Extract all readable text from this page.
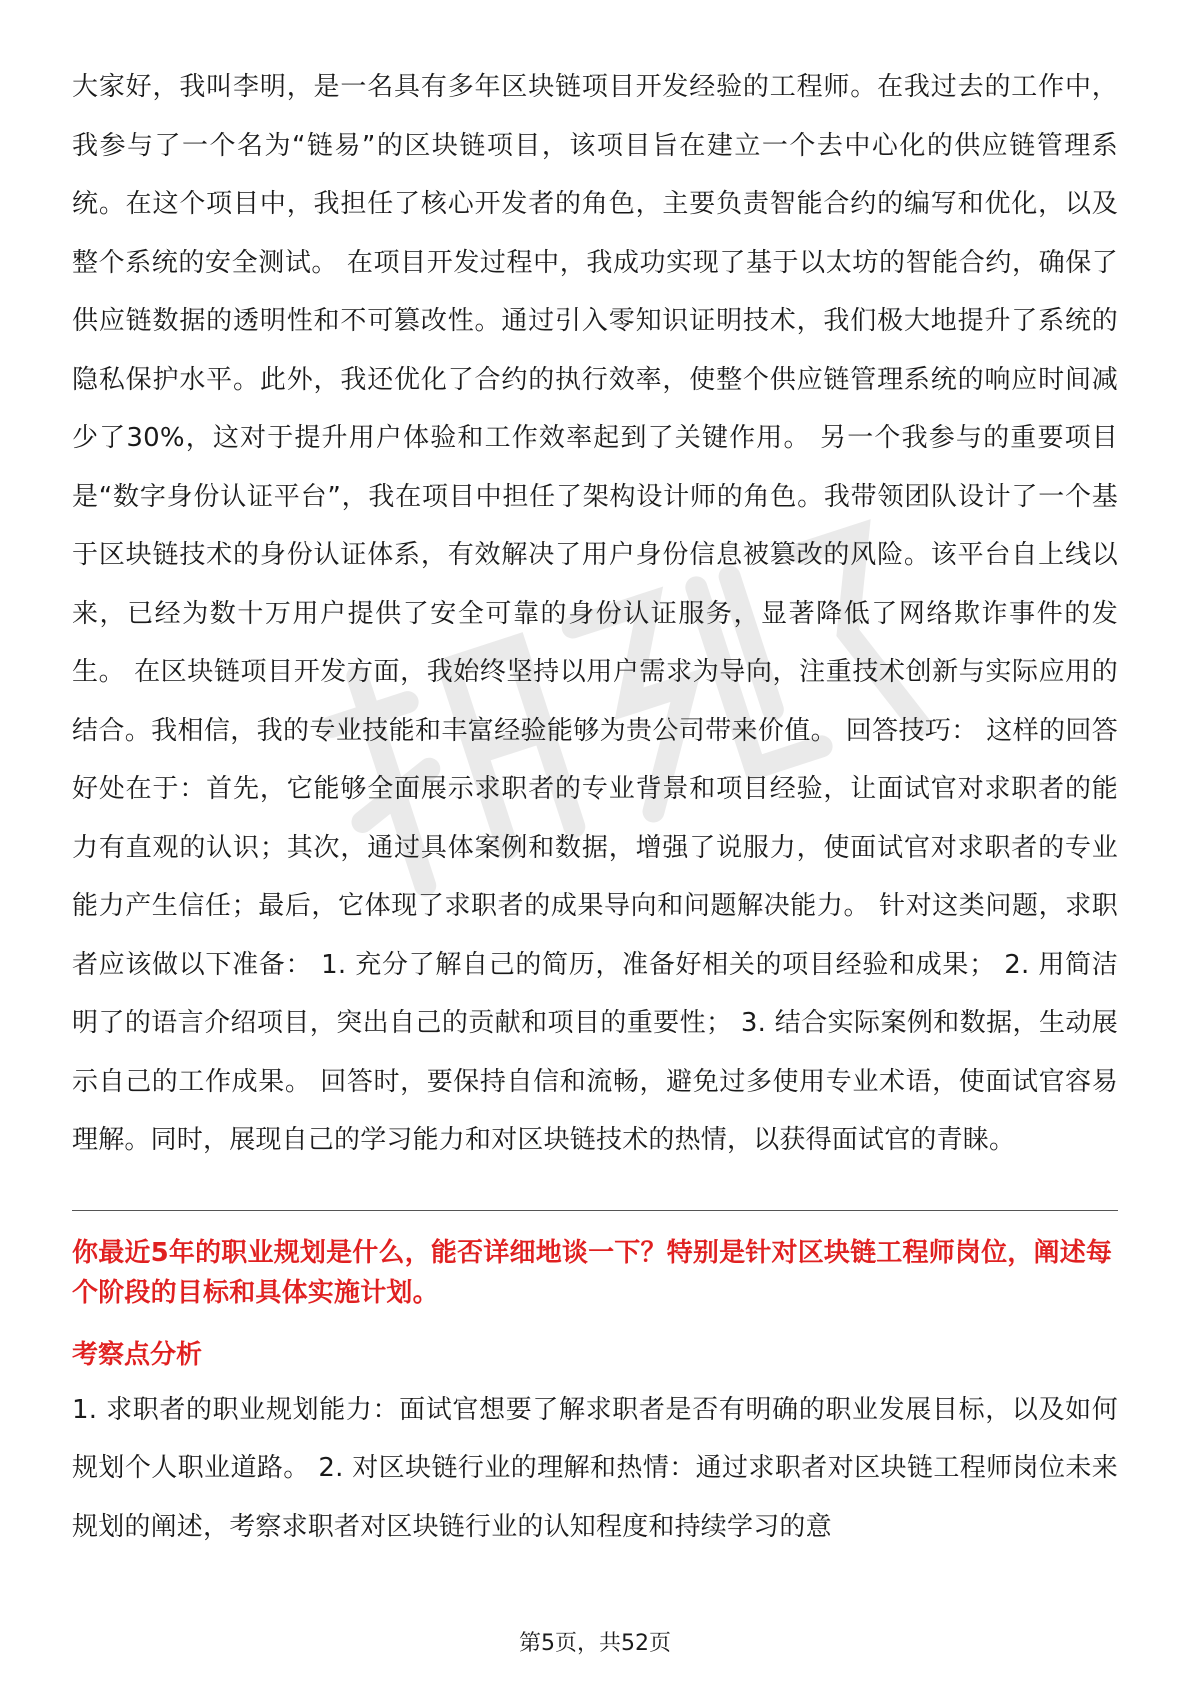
大家好，我叫李明，是一名具有多年区块链项目开发经验的工程师。在我过去的工作中，我参与了一个名为“链易”的区块链项目，该项目旨在建立一个去中心化的供应链管理系统。在这个项目中，我担任了核心开发者的角色，主要负责智能合约的编写和优化，以及整个系统的安全测试。 在项目开发过程中，我成功实现了基于以太坊的智能合约，确保了供应链数据的透明性和不可篡改性。通过引入零知识证明技术，我们极大地提升了系统的隐私保护水平。此外，我还优化了合约的执行效率，使整个供应链管理系统的响应时间减少了30%，这对于提升用户体验和工作效率起到了关键作用。 另一个我参与的重要项目是“数字身份认证平台”，我在项目中担任了架构设计师的角色。我带领团队设计了一个基于区块链技术的身份认证体系，有效解决了用户身份信息被篡改的风险。该平台自上线以来，已经为数十万用户提供了安全可靠的身份认证服务，显著降低了网络欺诈事件的发生。 在区块链项目开发方面，我始终坚持以用户需求为导向，注重技术创新与实际应用的结合。我相信，我的专业技能和丰富经验能够为贵公司带来价值。 回答技巧： 这样的回答好处在于：首先，它能够全面展示求职者的专业背景和项目经验，让面试官对求职者的能力有直观的认识；其次，通过具体案例和数据，增强了说服力，使面试官对求职者的专业能力产生信任；最后，它体现了求职者的成果导向和问题解决能力。 针对这类问题，求职者应该做以下准备： 1. 充分了解自己的简历，准备好相关的项目经验和成果； 2. 用简洁明了的语言介绍项目，突出自己的贡献和项目的重要性； 3. 结合实际案例和数据，生动展示自己的工作成果。 回答时，要保持自信和流畅，避免过多使用专业术语，使面试官容易理解。同时，展现自己的学习能力和对区块链技术的热情，以获得面试官的青睐。

你最近5年的职业规划是什么，能否详细地谈一下？特别是针对区块链工程师岗位，阐述每个阶段的目标和具体实施计划。

考察点分析

1. 求职者的职业规划能力：面试官想要了解求职者是否有明确的职业发展目标，以及如何规划个人职业道路。 2. 对区块链行业的理解和热情：通过求职者对区块链工程师岗位未来规划的阐述，考察求职者对区块链行业的认知程度和持续学习的意

第5页，共52页
